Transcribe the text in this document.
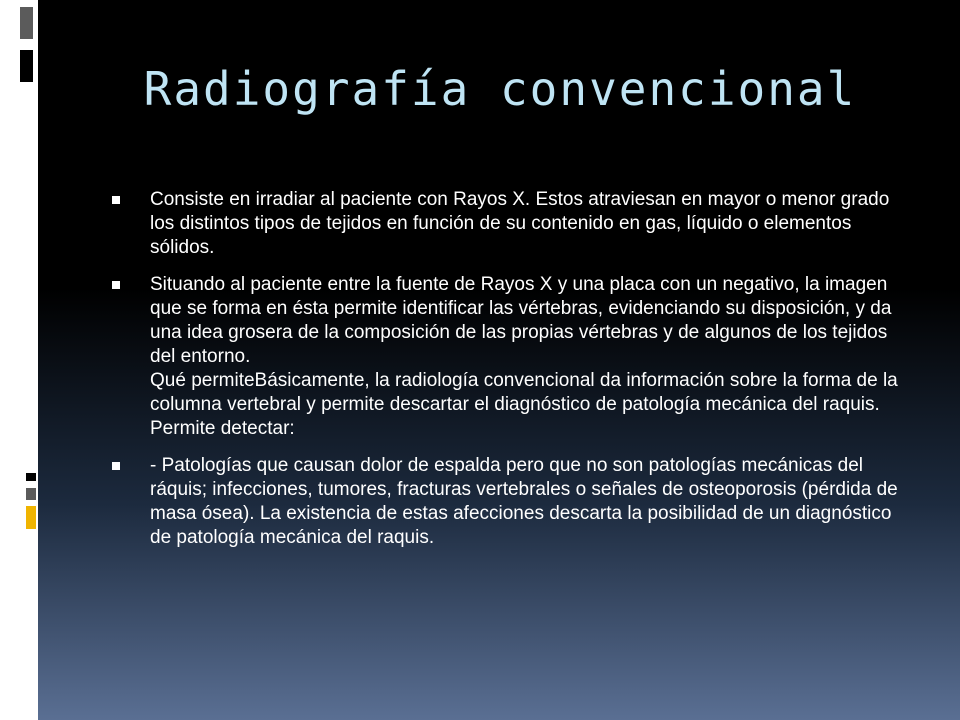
Radiografía convencional
Consiste en irradiar al paciente con Rayos X. Estos atraviesan en mayor o menor grado los distintos tipos de tejidos en función de su contenido en gas, líquido o elementos sólidos.
Situando al paciente entre la fuente de Rayos X y una placa con un negativo, la imagen que se forma en ésta permite identificar las vértebras, evidenciando su disposición, y da una idea grosera de la composición de las propias vértebras y de algunos de los tejidos del entorno.
Qué permiteBásicamente, la radiología convencional da información sobre la forma de la columna vertebral y permite descartar el diagnóstico de patología mecánica del raquis. Permite detectar:
- Patologías que causan dolor de espalda pero que no son patologías mecánicas del ráquis; infecciones, tumores, fracturas vertebrales o señales de osteoporosis (pérdida de masa ósea). La existencia de estas afecciones descarta la posibilidad de un diagnóstico de patología mecánica del raquis.
